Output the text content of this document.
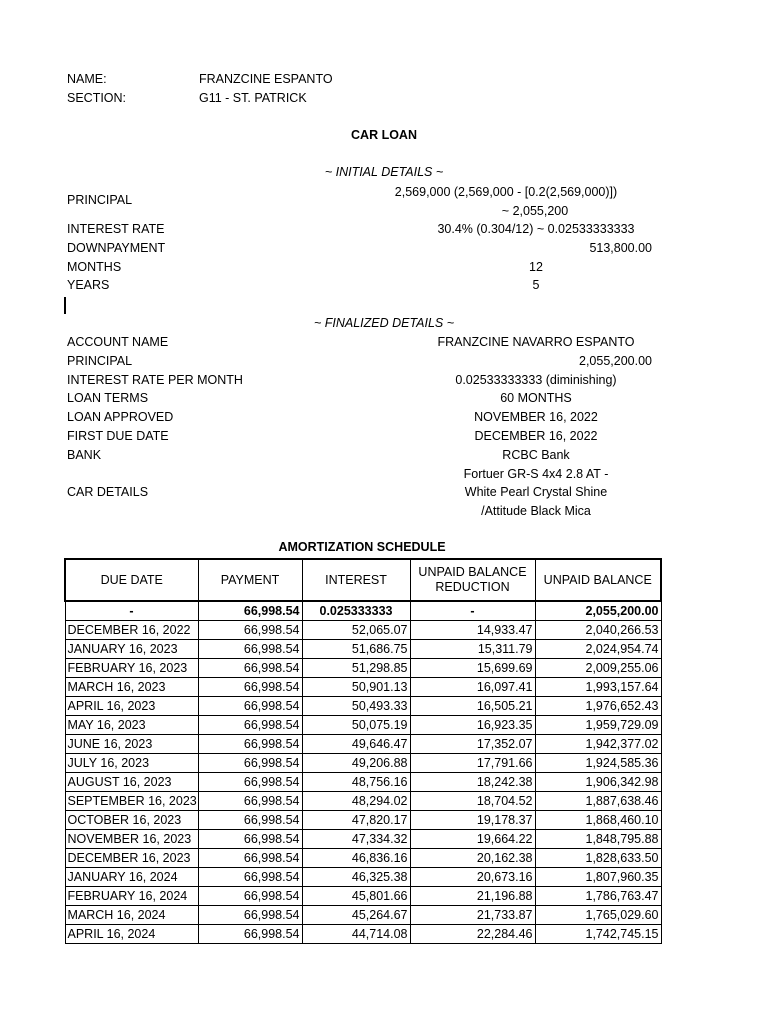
NAME:	FRANZCINE ESPANTO
SECTION:	G11 - ST. PATRICK
CAR LOAN
~ INITIAL DETAILS ~
PRINCIPAL
2,569,000 (2,569,000 - [0.2(2,569,000)])
~ 2,055,200
INTEREST RATE	30.4% (0.304/12) ~ 0.02533333333
DOWNPAYMENT	513,800.00
MONTHS	12
YEARS	5
~ FINALIZED DETAILS ~
ACCOUNT NAME	FRANZCINE NAVARRO ESPANTO
PRINCIPAL	2,055,200.00
INTEREST RATE PER MONTH	0.02533333333 (diminishing)
LOAN TERMS	60 MONTHS
LOAN APPROVED	NOVEMBER 16, 2022
FIRST DUE DATE	DECEMBER 16, 2022
BANK	RCBC Bank
Fortuer GR-S 4x4 2.8 AT -
CAR DETAILS	White Pearl Crystal Shine
/Attitude Black Mica
AMORTIZATION SCHEDULE
DUE DATE	PAYMENT	INTEREST	UNPAID BALANCE REDUCTION	UNPAID BALANCE
-	66,998.54	0.025333333	-	2,055,200.00
DECEMBER 16, 2022	66,998.54	52,065.07	14,933.47	2,040,266.53
JANUARY 16, 2023	66,998.54	51,686.75	15,311.79	2,024,954.74
FEBRUARY 16, 2023	66,998.54	51,298.85	15,699.69	2,009,255.06
MARCH 16, 2023	66,998.54	50,901.13	16,097.41	1,993,157.64
APRIL 16, 2023	66,998.54	50,493.33	16,505.21	1,976,652.43
MAY 16, 2023	66,998.54	50,075.19	16,923.35	1,959,729.09
JUNE 16, 2023	66,998.54	49,646.47	17,352.07	1,942,377.02
JULY 16, 2023	66,998.54	49,206.88	17,791.66	1,924,585.36
AUGUST 16, 2023	66,998.54	48,756.16	18,242.38	1,906,342.98
SEPTEMBER 16, 2023	66,998.54	48,294.02	18,704.52	1,887,638.46
OCTOBER 16, 2023	66,998.54	47,820.17	19,178.37	1,868,460.10
NOVEMBER 16, 2023	66,998.54	47,334.32	19,664.22	1,848,795.88
DECEMBER 16, 2023	66,998.54	46,836.16	20,162.38	1,828,633.50
JANUARY 16, 2024	66,998.54	46,325.38	20,673.16	1,807,960.35
FEBRUARY 16, 2024	66,998.54	45,801.66	21,196.88	1,786,763.47
MARCH 16, 2024	66,998.54	45,264.67	21,733.87	1,765,029.60
APRIL 16, 2024	66,998.54	44,714.08	22,284.46	1,742,745.15
